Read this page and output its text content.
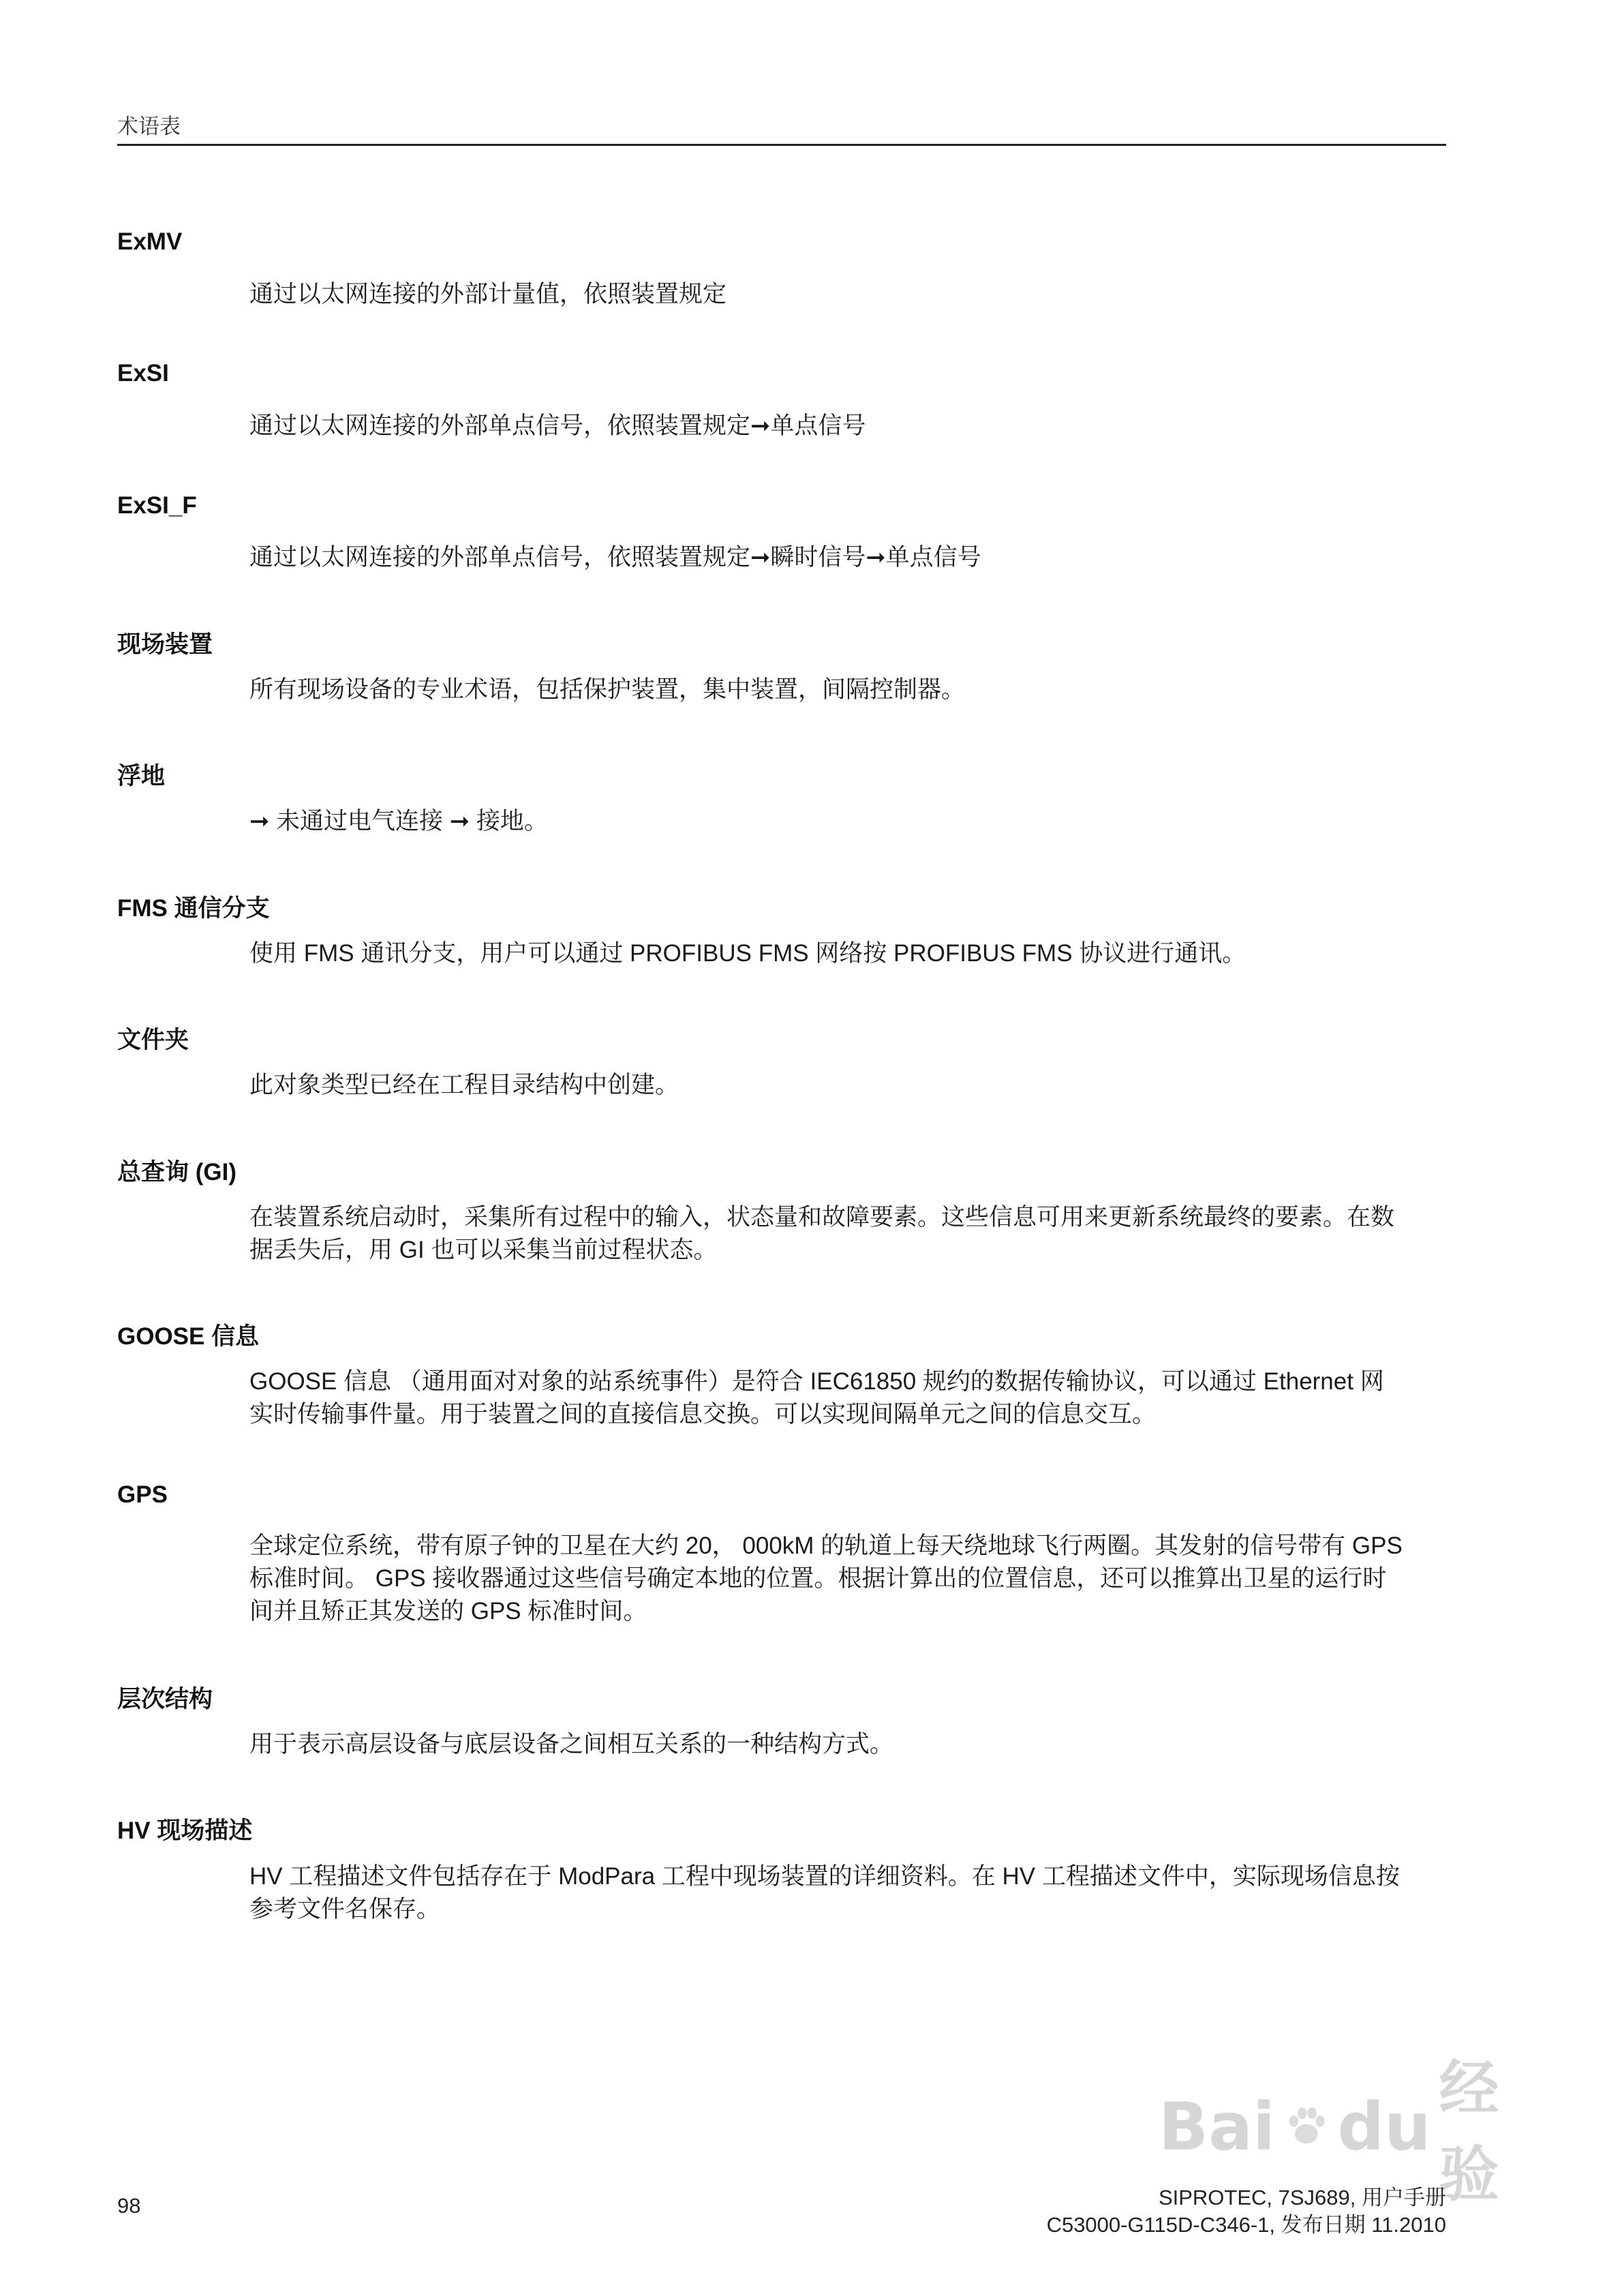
术语表
ExMV

通过以太网连接的外部计量值，依照装置规定

ExSI

通过以太网连接的外部单点信号，依照装置规定➞单点信号

ExSI_F

通过以太网连接的外部单点信号，依照装置规定➞瞬时信号➞单点信号

现场装置

所有现场设备的专业术语，包括保护装置，集中装置，间隔控制器。

浮地

➞ 未通过电气连接 ➞ 接地。

FMS 通信分支

使用 FMS 通讯分支，用户可以通过 PROFIBUS FMS 网络按 PROFIBUS FMS 协议进行通讯。

文件夹

此对象类型已经在工程目录结构中创建。

总查询 (GI)

在装置系统启动时，采集所有过程中的输入，状态量和故障要素。这些信息可用来更新系统最终的要素。在数

据丢失后，用 GI 也可以采集当前过程状态。

GOOSE 信息

GOOSE 信息 （通用面对对象的站系统事件）是符合 IEC61850 规约的数据传输协议，可以通过 Ethernet 网

实时传输事件量。用于装置之间的直接信息交换。可以实现间隔单元之间的信息交互。

GPS

全球定位系统，带有原子钟的卫星在大约 20， 000kM 的轨道上每天绕地球飞行两圈。其发射的信号带有 GPS

标准时间。 GPS 接收器通过这些信号确定本地的位置。根据计算出的位置信息，还可以推算出卫星的运行时

间并且矫正其发送的 GPS 标准时间。

层次结构

用于表示高层设备与底层设备之间相互关系的一种结构方式。

HV 现场描述

HV 工程描述文件包括存在于 ModPara 工程中现场装置的详细资料。在 HV 工程描述文件中，实际现场信息按

参考文件名保存。

Bai du
经验
98	SIPROTEC, 7SJ689, 用户手册
C53000-G115D-C346-1, 发布日期 11.2010
